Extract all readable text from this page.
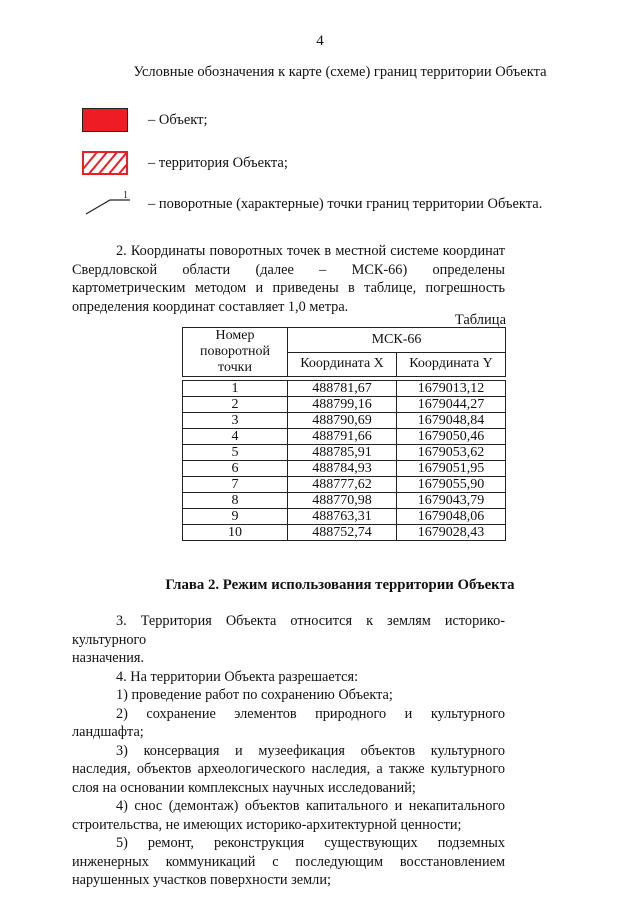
4
Условные обозначения к карте (схеме) границ территории Объекта
– Объект;
– территория Объекта;
1 – поворотные (характерные) точки границ территории Объекта.
2. Координаты поворотных точек в местной системе координат
Свердловской области (далее – МСК-66) определены картометрическим методом и приведены в таблице, погрешность определения координат составляет 1,0 метра.
Таблица
Номер поворотной точки	МСК-66	
	Координата X	Координата Y

1	488781,67	1679013,12
2	488799,16	1679044,27
3	488790,69	1679048,84
4	488791,66	1679050,46
5	488785,91	1679053,62
6	488784,93	1679051,95
7	488777,62	1679055,90
8	488770,98	1679043,79
9	488763,31	1679048,06
10	488752,74	1679028,43
Глава 2. Режим использования территории Объекта
3. Территория Объекта относится к землям историко-культурного
назначения.
4. На территории Объекта разрешается:
1) проведение работ по сохранению Объекта;
2) сохранение элементов природного и культурного ландшафта;
3) консервация и музеефикация объектов культурного наследия, объектов археологического наследия, а также культурного слоя на основании комплексных научных исследований;
4) снос (демонтаж) объектов капитального и некапитального строительства, не имеющих историко-архитектурной ценности;
5) ремонт, реконструкция существующих подземных инженерных коммуникаций с последующим восстановлением нарушенных участков поверхности земли;
